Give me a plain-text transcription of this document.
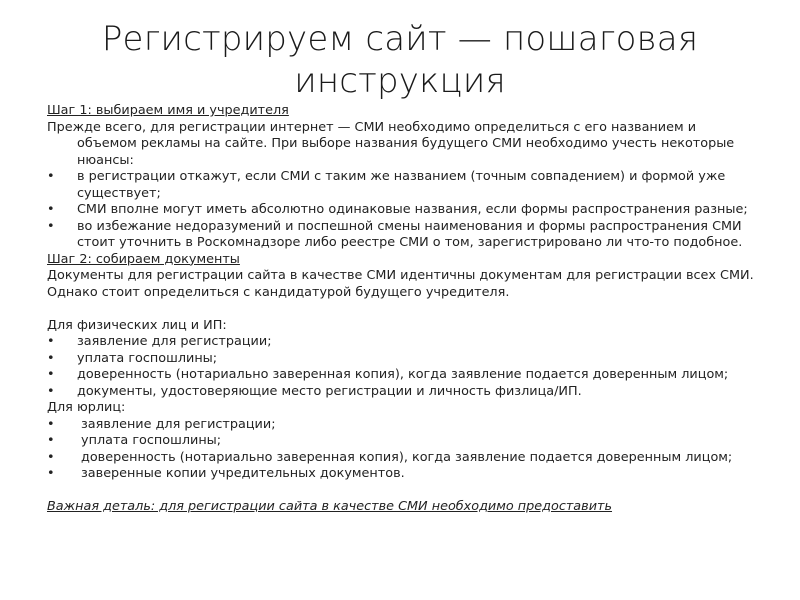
Регистрируем сайт — пошаговая инструкция

Шаг 1: выбираем имя и учредителя

Прежде всего, для регистрации интернет — СМИ необходимо определиться с его названием и объемом рекламы на сайте. При выборе названия будущего СМИ необходимо учесть некоторые нюансы:

• в регистрации откажут, если СМИ с таким же названием (точным совпадением) и формой уже существует;

• СМИ вполне могут иметь абсолютно одинаковые названия, если формы распространения разные;

• во избежание недоразумений и поспешной смены наименования и формы распространения СМИ стоит уточнить в Роскомнадзоре либо реестре СМИ о том, зарегистрировано ли что-то подобное.

Шаг 2: собираем документы

Документы для регистрации сайта в качестве СМИ идентичны документам для регистрации всех СМИ. Однако стоит определиться с кандидатурой будущего учредителя.

Для физических лиц и ИП:

• заявление для регистрации;

• уплата госпошлины;

• доверенность (нотариально заверенная копия), когда заявление подается доверенным лицом;

• документы, удостоверяющие место регистрации и личность физлица/ИП.

Для юрлиц:

• заявление для регистрации;

• уплата госпошлины;

• доверенность (нотариально заверенная копия), когда заявление подается доверенным лицом;

• заверенные копии учредительных документов.

Важная деталь: для регистрации сайта в качестве СМИ необходимо предоставить
